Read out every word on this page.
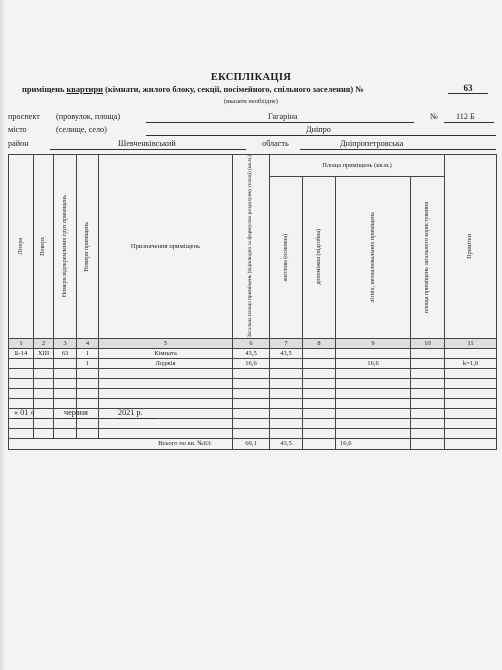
ЕКСПЛІКАЦІЯ
приміщень квартири (кімнати, жилого блоку, секції, посімейного, спільного заселення) №	63
(вказати необхідне)
проспект (провулок, площа)	Гагаріна	№ 112 Б
місто	(селище, село)	Дніпро
район	Шевченківський	область	Дніпропетровська
Літера	Поверх	Номери відокремлених груп приміщень	Номери приміщень	Призначення приміщень	Загальна площа приміщень (відповідно за формулою розрахунку площі) (кв.м.)	Площа приміщень (кв.м.)				Примітки

						житлова (основна)	допоміжна (підсобна)	літніх, неопалювальних приміщень	площа приміщень загального користування	

1	2	3	4	5	6	7	8	9	10	11
Б-14	XIII	63	1	Кімната	43,5	43,5				
			1	Лоджія	16,6			16,6		k=1,0

Всього по кв. №63:					60,1	43,5		16,6		
« 01 »	червня	2021 р.
